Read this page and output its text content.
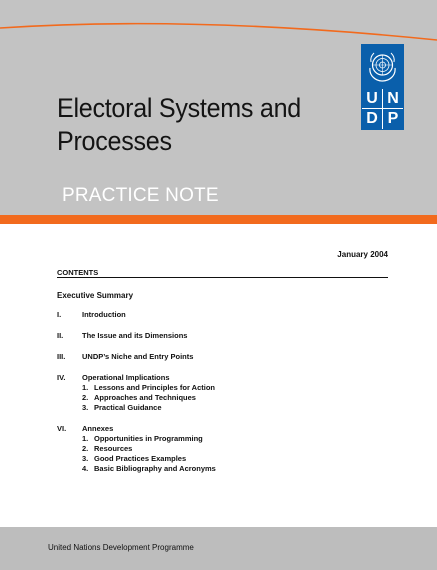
U N
D P
Electoral Systems and
Processes
PRACTICE NOTE
January 2004
CONTENTS
Executive Summary
I.	Introduction
II.	The Issue and its Dimensions
III.	UNDP’s Niche and Entry Points
IV.	Operational Implications
1. Lessons and Principles for Action
2. Approaches and Techniques
3. Practical Guidance
VI.	Annexes
1. Opportunities in Programming
2. Resources
3. Good Practices Examples
4. Basic Bibliography and Acronyms
United Nations Development Programme
